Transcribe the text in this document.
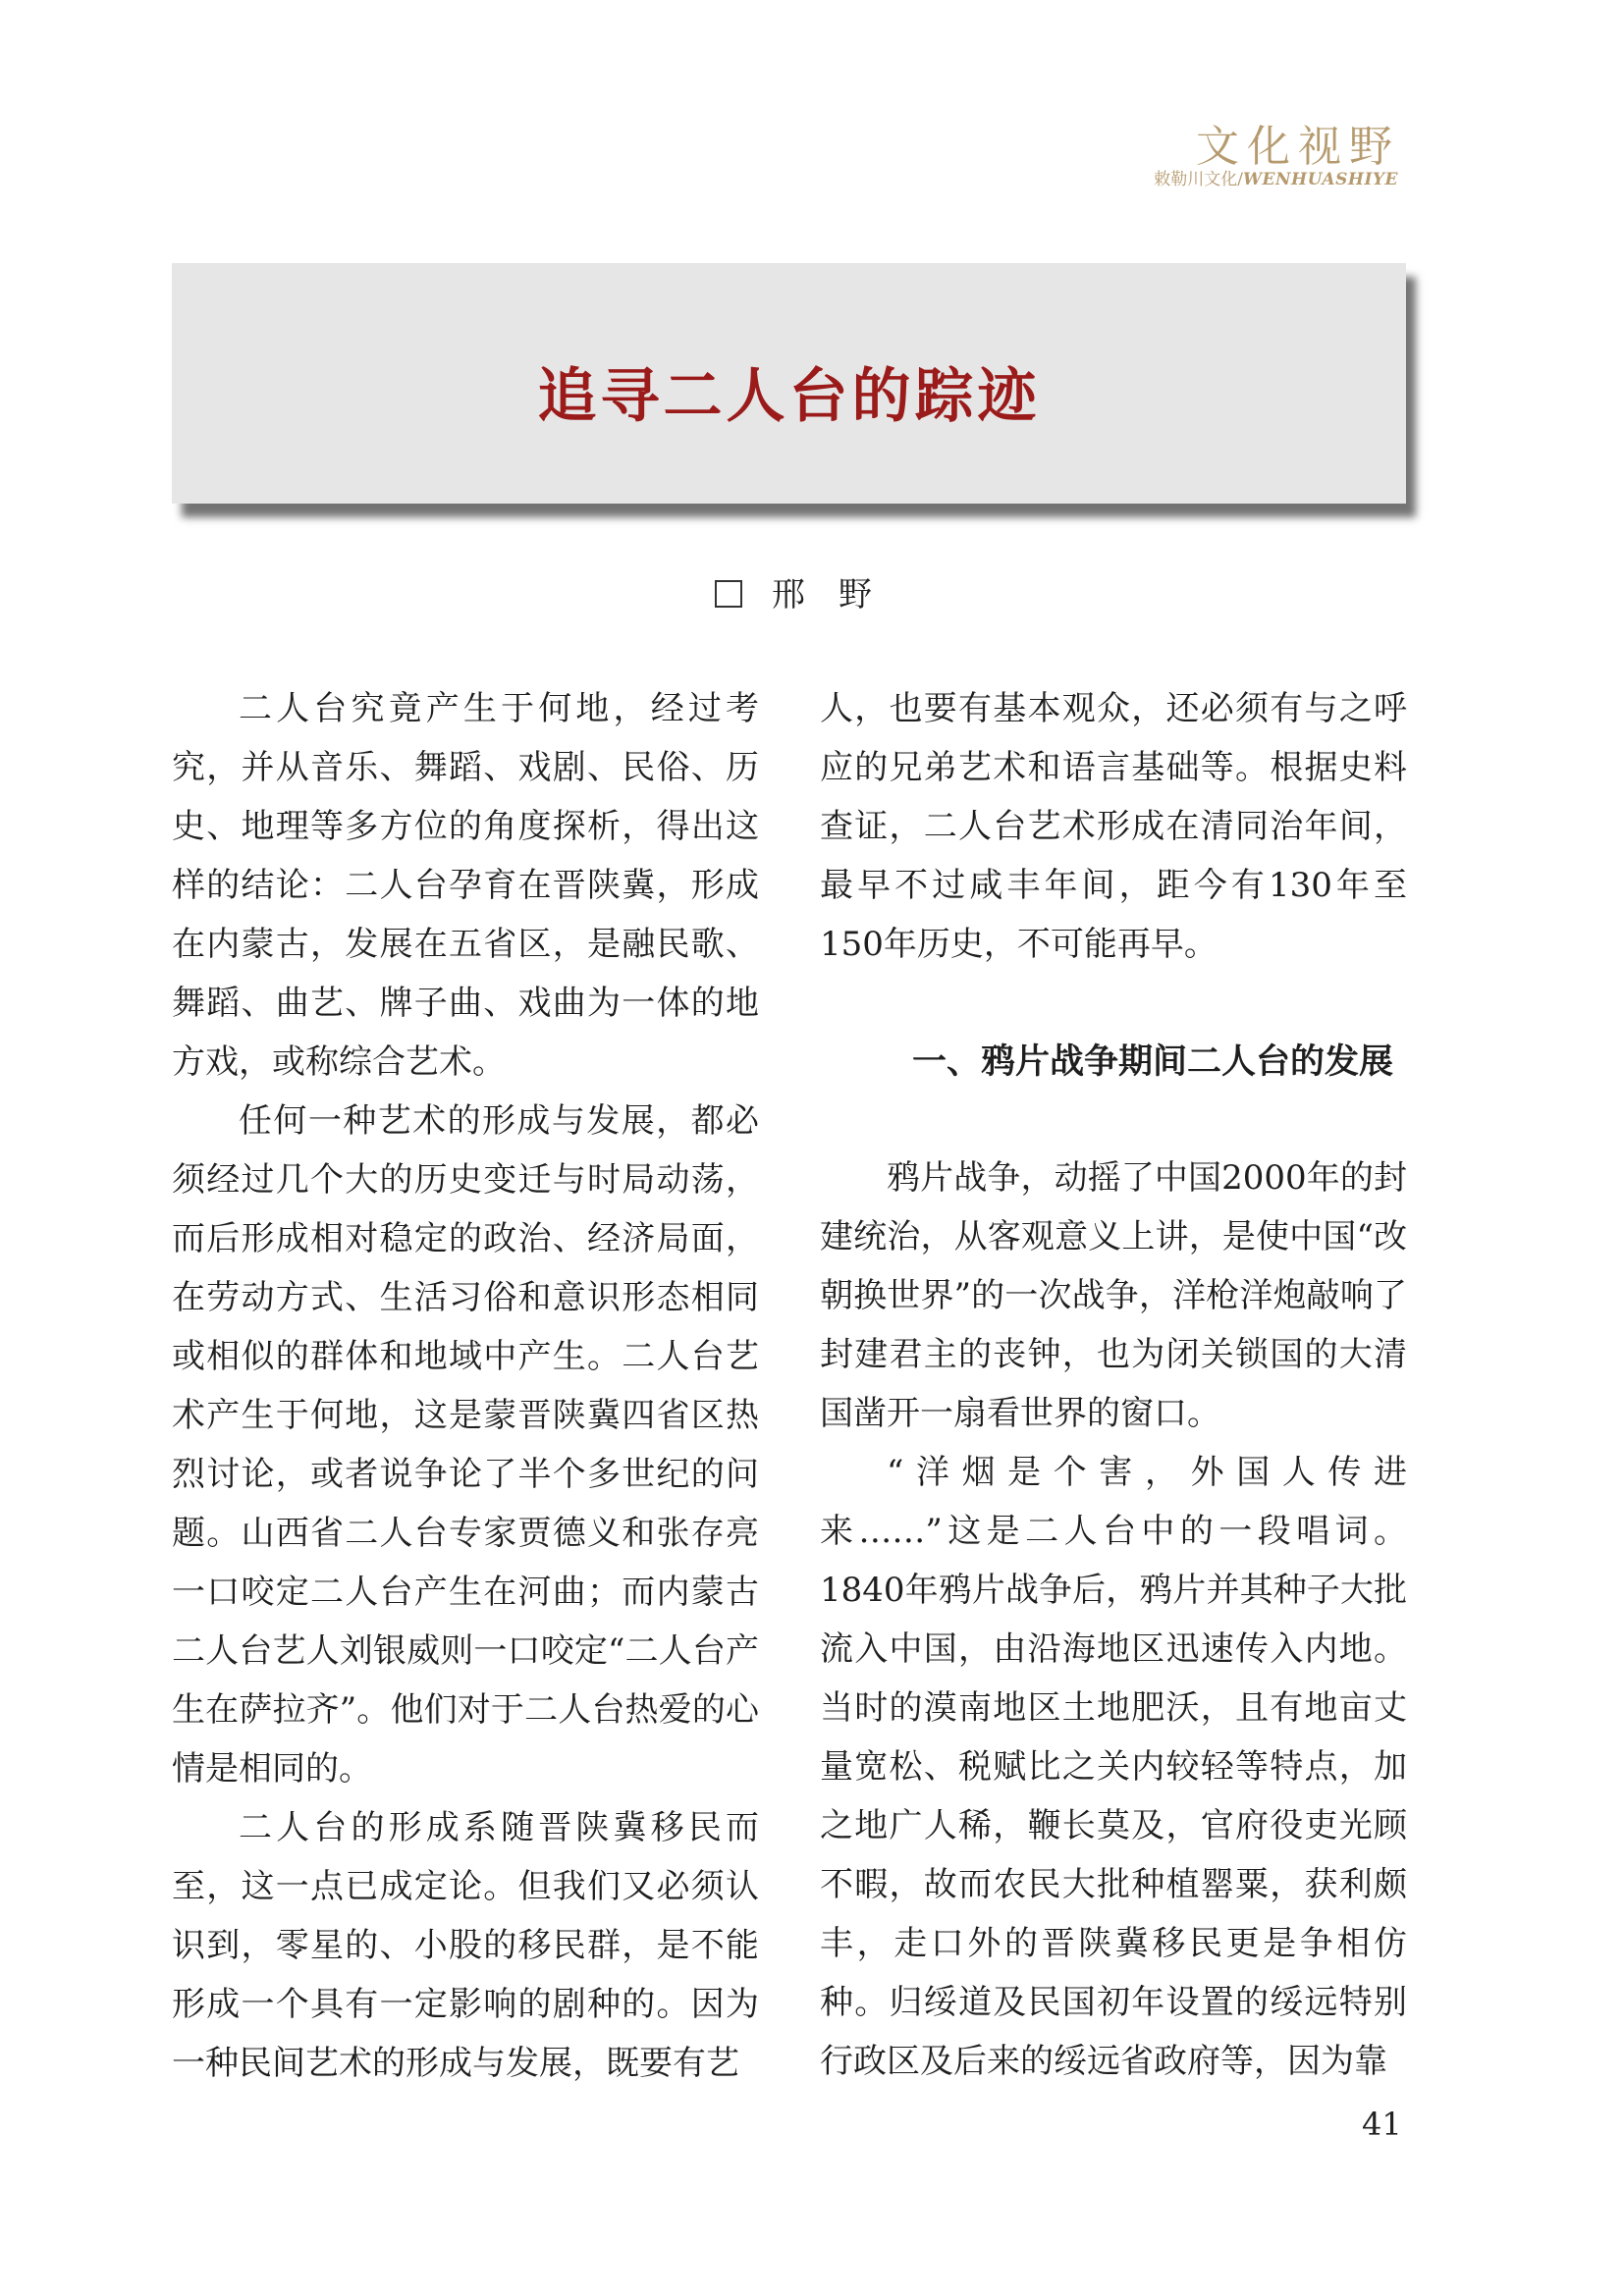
文化视野
敕勒川文化/WENHUASHIYE
追寻二人台的踪迹
邢野

二人台究竟产生于何地，经过考究，并从音乐、舞蹈、戏剧、民俗、历史、地理等多方位的角度探析，得出这样的结论：二人台孕育在晋陕冀，形成在内蒙古，发展在五省区，是融民歌、舞蹈、曲艺、牌子曲、戏曲为一体的地方戏，或称综合艺术。

任何一种艺术的形成与发展，都必须经过几个大的历史变迁与时局动荡，而后形成相对稳定的政治、经济局面，在劳动方式、生活习俗和意识形态相同或相似的群体和地域中产生。二人台艺术产生于何地，这是蒙晋陕冀四省区热烈讨论，或者说争论了半个多世纪的问题。山西省二人台专家贾德义和张存亮一口咬定二人台产生在河曲；而内蒙古二人台艺人刘银威则一口咬定“二人台产生在萨拉齐”。他们对于二人台热爱的心情是相同的。

二人台的形成系随晋陕冀移民而至，这一点已成定论。但我们又必须认识到，零星的、小股的移民群，是不能形成一个具有一定影响的剧种的。因为一种民间艺术的形成与发展，既要有艺

人，也要有基本观众，还必须有与之呼应的兄弟艺术和语言基础等。根据史料查证，二人台艺术形成在清同治年间，最早不过咸丰年间，距今有130年至150年历史，不可能再早。

一、鸦片战争期间二人台的发展

鸦片战争，动摇了中国2000年的封建统治，从客观意义上讲，是使中国“改朝换世界”的一次战争，洋枪洋炮敲响了封建君主的丧钟，也为闭关锁国的大清国凿开一扇看世界的窗口。

“洋烟是个害，外国人传进来……”这是二人台中的一段唱词。1840年鸦片战争后，鸦片并其种子大批流入中国，由沿海地区迅速传入内地。当时的漠南地区土地肥沃，且有地亩丈量宽松、税赋比之关内较轻等特点，加之地广人稀，鞭长莫及，官府役吏光顾不暇，故而农民大批种植罂粟，获利颇丰，走口外的晋陕冀移民更是争相仿种。归绥道及民国初年设置的绥远特别行政区及后来的绥远省政府等，因为靠

41
